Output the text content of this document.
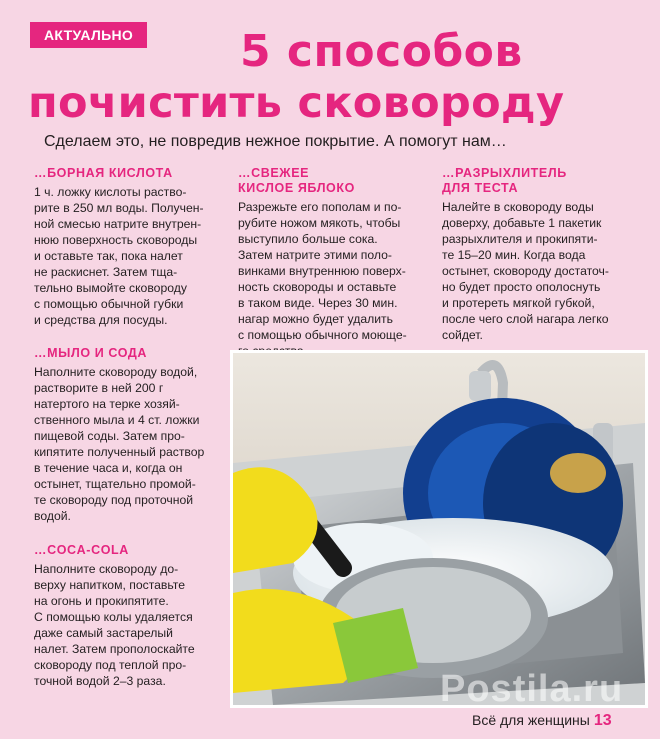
АКТУАЛЬНО	5 способов
почистить сковороду
Сделаем это, не повредив нежное покрытие. А помогут нам…

…БОРНАЯ КИСЛОТА

1 ч. ложку кислоты раство-
рите в 250 мл воды. Получен-
ной смесью натрите внутрен-
нюю поверхность сковороды
и оставьте так, пока налет
не раскиснет. Затем тща-
тельно вымойте сковороду
с помощью обычной губки
и средства для посуды.

…СВЕЖЕЕ
КИСЛОЕ ЯБЛОКО

Разрежьте его пополам и по-
рубите ножом мякоть, чтобы
выступило больше сока.
Затем натрите этими поло-
винками внутреннюю поверх-
ность сковороды и оставьте
в таком виде. Через 30 мин.
нагар можно будет удалить
с помощью обычного моюще-

…РАЗРЫХЛИТЕЛЬ
ДЛЯ ТЕСТА

Налейте в сковороду воды
доверху, добавьте 1 пакетик
разрыхлителя и прокипяти-
те 15–20 мин. Когда вода
остынет, сковороду достаточ-
но будет просто ополоснуть
и протереть мягкой губкой,
после чего слой нагара легко
сойдет.

…МЫЛО И СОДА

Наполните сковороду водой,
растворите в ней 200 г
натертого на терке хозяй-
ственного мыла и 4 ст. ложки
пищевой соды. Затем про-
кипятите полученный раствор
в течение часа и, когда он
остынет, тщательно промой-
те сковороду под проточной
водой.

…COCA-COLA

Наполните сковороду до-
верху напитком, поставьте
на огонь и прокипятите.
С помощью колы удаляется
даже самый застарелый
налет. Затем прополоскайте
сковороду под теплой про-
точной водой 2–3 раза.	Postila.ru
Всё для женщины 13
